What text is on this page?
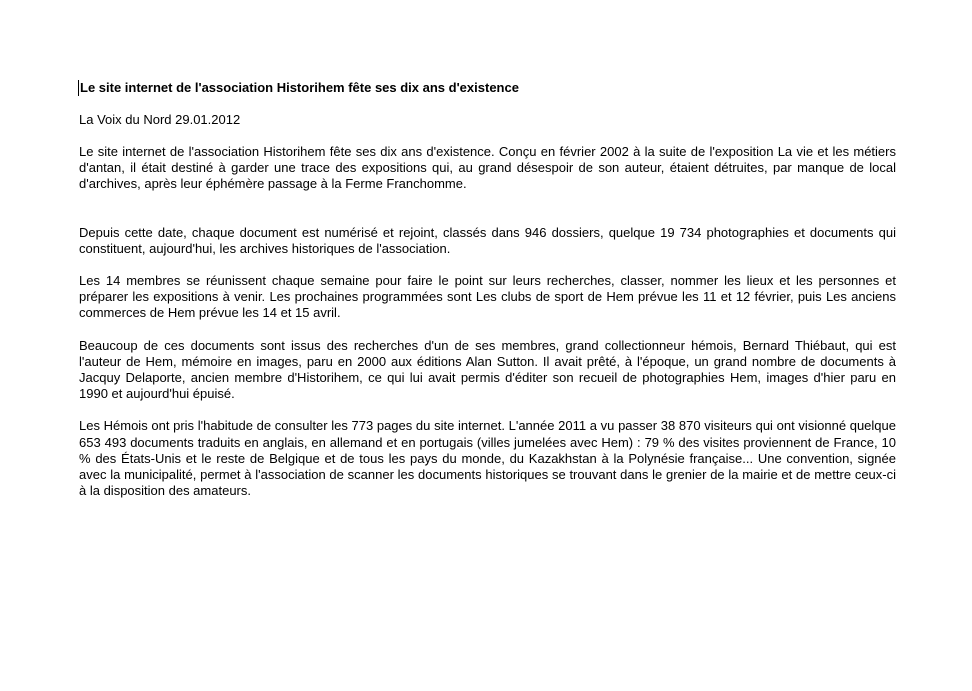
Le site internet de l'association Historihem fête ses dix ans d'existence

La Voix du Nord 29.01.2012

Le site internet de l'association Historihem fête ses dix ans d'existence. Conçu en février 2002 à la suite de l'exposition La vie et les métiers d'antan, il était destiné à garder une trace des expositions qui, au grand désespoir de son auteur, étaient détruites, par manque de local d'archives, après leur éphémère passage à la Ferme Franchomme.

Depuis cette date, chaque document est numérisé et rejoint, classés dans 946 dossiers, quelque 19 734 photographies et documents qui constituent, aujourd'hui, les archives historiques de l'association.

Les 14 membres se réunissent chaque semaine pour faire le point sur leurs recherches, classer, nommer les lieux et les personnes et préparer les expositions à venir. Les prochaines programmées sont Les clubs de sport de Hem prévue les 11 et 12 février, puis Les anciens commerces de Hem prévue les 14 et 15 avril.

Beaucoup de ces documents sont issus des recherches d'un de ses membres, grand collectionneur hémois, Bernard Thiébaut, qui est l'auteur de Hem, mémoire en images, paru en 2000 aux éditions Alan Sutton. Il avait prêté, à l'époque, un grand nombre de documents à Jacquy Delaporte, ancien membre d'Historihem, ce qui lui avait permis d'éditer son recueil de photographies Hem, images d'hier paru en 1990 et aujourd'hui épuisé.

Les Hémois ont pris l'habitude de consulter les 773 pages du site internet. L'année 2011 a vu passer 38 870 visiteurs qui ont visionné quelque 653 493 documents traduits en anglais, en allemand et en portugais (villes jumelées avec Hem) : 79 % des visites proviennent de France, 10 % des États-Unis et le reste de Belgique et de tous les pays du monde, du Kazakhstan à la Polynésie française... Une convention, signée avec la municipalité, permet à l'association de scanner les documents historiques se trouvant dans le grenier de la mairie et de mettre ceux-ci à la disposition des amateurs.
